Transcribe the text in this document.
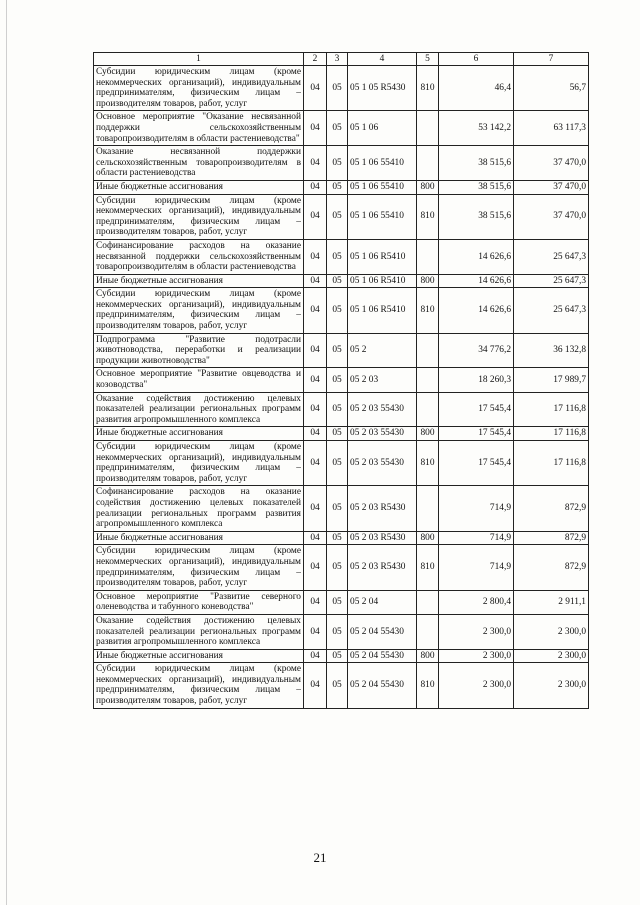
1	2	3	4	5	6	7
Субсидии юридическим лицам (кроме некоммерческих организаций), индивидуальным предпринимателям, физическим лицам – производителям товаров, работ, услуг	04	05	05 1 05 R5430	810	46,4	56,7
Основное мероприятие "Оказание несвязанной поддержки сельскохозяйственным товаропроизводителям в области растениеводства"	04	05	05 1 06		53 142,2	63 117,3
Оказание несвязанной поддержки сельскохозяйственным товаропроизводителям в области растениеводства	04	05	05 1 06 55410		38 515,6	37 470,0
Иные бюджетные ассигнования	04	05	05 1 06 55410	800	38 515,6	37 470,0
Субсидии юридическим лицам (кроме некоммерческих организаций), индивидуальным предпринимателям, физическим лицам – производителям товаров, работ, услуг	04	05	05 1 06 55410	810	38 515,6	37 470,0
Софинансирование расходов на оказание несвязанной поддержки сельскохозяйственным товаропроизводителям в области растениеводства	04	05	05 1 06 R5410		14 626,6	25 647,3
Иные бюджетные ассигнования	04	05	05 1 06 R5410	800	14 626,6	25 647,3
Субсидии юридическим лицам (кроме некоммерческих организаций), индивидуальным предпринимателям, физическим лицам – производителям товаров, работ, услуг	04	05	05 1 06 R5410	810	14 626,6	25 647,3
Подпрограмма "Развитие подотрасли животноводства, переработки и реализации продукции животноводства"	04	05	05 2		34 776,2	36 132,8
Основное мероприятие "Развитие овцеводства и козоводства"	04	05	05 2 03		18 260,3	17 989,7
Оказание содействия достижению целевых показателей реализации региональных программ развития агропромышленного комплекса	04	05	05 2 03 55430		17 545,4	17 116,8
Иные бюджетные ассигнования	04	05	05 2 03 55430	800	17 545,4	17 116,8
Субсидии юридическим лицам (кроме некоммерческих организаций), индивидуальным предпринимателям, физическим лицам – производителям товаров, работ, услуг	04	05	05 2 03 55430	810	17 545,4	17 116,8
Софинансирование расходов на оказание содействия достижению целевых показателей реализации региональных программ развития агропромышленного комплекса	04	05	05 2 03 R5430		714,9	872,9
Иные бюджетные ассигнования	04	05	05 2 03 R5430	800	714,9	872,9
Субсидии юридическим лицам (кроме некоммерческих организаций), индивидуальным предпринимателям, физическим лицам – производителям товаров, работ, услуг	04	05	05 2 03 R5430	810	714,9	872,9
Основное мероприятие "Развитие северного оленеводства и табунного коневодства"	04	05	05 2 04		2 800,4	2 911,1
Оказание содействия достижению целевых показателей реализации региональных программ развития агропромышленного комплекса	04	05	05 2 04 55430		2 300,0	2 300,0
Иные бюджетные ассигнования	04	05	05 2 04 55430	800	2 300,0	2 300,0
Субсидии юридическим лицам (кроме некоммерческих организаций), индивидуальным предпринимателям, физическим лицам – производителям товаров, работ, услуг	04	05	05 2 04 55430	810	2 300,0	2 300,0
21
